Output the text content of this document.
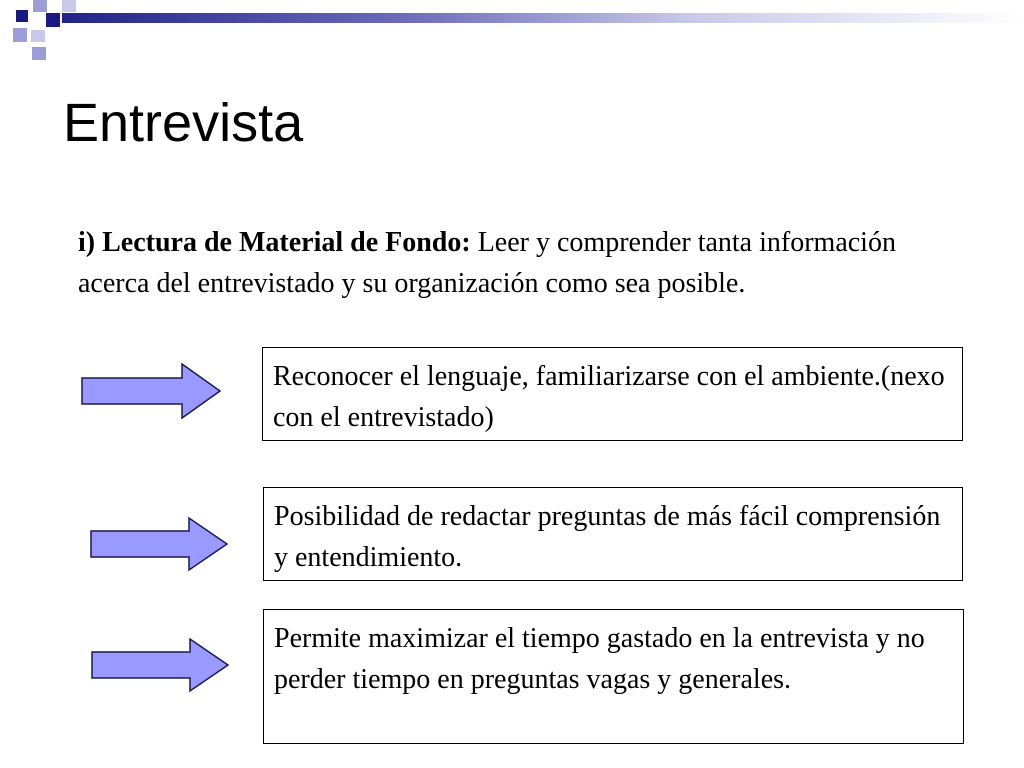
Entrevista

i) Lectura de Material de Fondo: Leer y comprender tanta información acerca del entrevistado y su organización como sea posible.

Reconocer el lenguaje, familiarizarse con el ambiente.(nexo con el entrevistado)
Posibilidad de redactar preguntas de más fácil comprensión y entendimiento.
Permite maximizar el tiempo gastado en la entrevista y no perder tiempo en preguntas vagas y generales.
